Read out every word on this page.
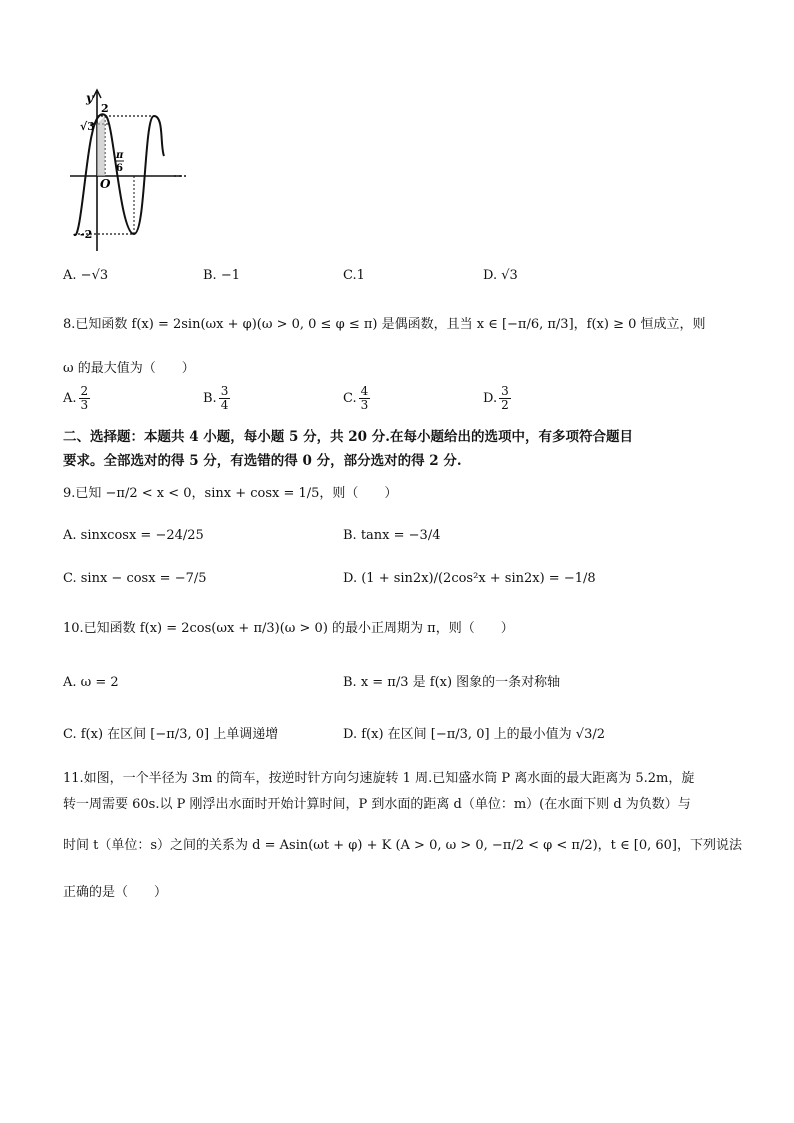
y
2
√3
-2
O
π
6
A. −√3	B. −1	C.1	D. √3
8.已知函数 f(x) = 2sin(ωx + φ)(ω > 0, 0 ≤ φ ≤ π) 是偶函数，且当 x ∈ [−π/6, π/3]，f(x) ≥ 0 恒成立，则
ω 的最大值为（　　）
A. $\frac{2}{3}$	B. $\frac{3}{4}$	C. $\frac{4}{3}$	D. $\frac{3}{2}$
二、选择题：本题共 4 小题，每小题 5 分，共 20 分.在每小题给出的选项中，有多项符合题目
要求。全部选对的得 5 分，有选错的得 0 分，部分选对的得 2 分.
9.已知 −π/2 < x < 0，sinx + cosx = 1/5，则（　　）
A. sinxcosx = −24/25	B. tanx = −3/4
C. sinx − cosx = −7/5	D. (1 + sin2x)/(2cos²x + sin2x) = −1/8
10.已知函数 f(x) = 2cos(ωx + π/3)(ω > 0) 的最小正周期为 π，则（　　）
A. ω = 2	B. x = π/3 是 f(x) 图象的一条对称轴
C. f(x) 在区间 [−π/3, 0] 上单调递增	D. f(x) 在区间 [−π/3, 0] 上的最小值为 √3/2
11.如图，一个半径为 3m 的筒车，按逆时针方向匀速旋转 1 周.已知盛水筒 P 离水面的最大距离为 5.2m，旋
转一周需要 60s.以 P 刚浮出水面时开始计算时间，P 到水面的距离 d（单位：m）(在水面下则 d 为负数）与
时间 t（单位：s）之间的关系为 d = Asin(ωt + φ) + K (A > 0, ω > 0, −π/2 < φ < π/2)，t ∈ [0, 60]，下列说法
正确的是（　　）
